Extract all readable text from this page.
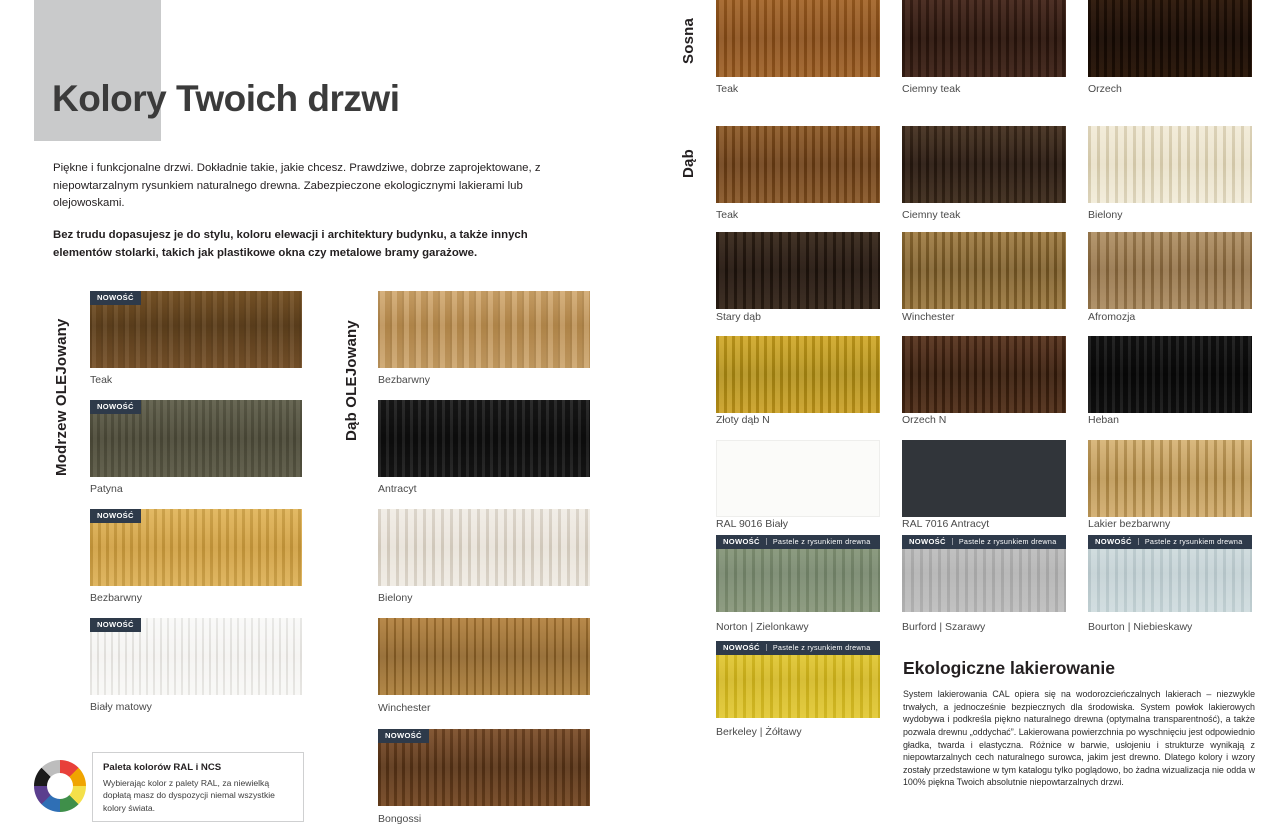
Kolory Twoich drzwi
Piękne i funkcjonalne drzwi. Dokładnie takie, jakie chcesz. Prawdziwe, dobrze zaprojektowane, z niepowtarzalnym rysunkiem naturalnego drewna. Zabezpieczone ekologicznymi lakierami lub olejowoskami.
Bez trudu dopasujesz je do stylu, koloru elewacji i architektury budynku, a także innych elementów stolarki, takich jak plastikowe okna czy metalowe bramy garażowe.
Modrzew OLEJowany	Dąb OLEJowany
Sosna
Dąb
NOWOŚĆ
Teak
NOWOŚĆ
Patyna
NOWOŚĆ
Bezbarwny
NOWOŚĆ
Biały matowy
Paleta kolorów RAL i NCS
Wybierając kolor z palety RAL, za niewielką dopłatą masz do dyspozycji niemal wszystkie kolory świata.
Bezbarwny
Antracyt
Bielony
Winchester
NOWOŚĆ
Bongossi
Teak	Ciemny teak	Orzech
Teak	Ciemny teak	Bielony
Stary dąb	Winchester	Afromozja
Złoty dąb N	Orzech N	Heban
RAL 9016 Biały	RAL 7016 Antracyt	Lakier bezbarwny
NOWOŚĆ	Pastele z rysunkiem drewna
Norton | Zielonkawy
NOWOŚĆ	Pastele z rysunkiem drewna
Burford | Szarawy
NOWOŚĆ	Pastele z rysunkiem drewna
Bourton | Niebieskawy
NOWOŚĆ	Pastele z rysunkiem drewna
Berkeley | Żółtawy
Ekologiczne lakierowanie
System lakierowania CAL opiera się na wodorozcieńczalnych lakierach – niezwykle trwałych, a jednocześnie bezpiecznych dla środowiska. System powłok lakierowych wydobywa i podkreśla piękno naturalnego drewna (optymalna transparentność), a także pozwala drewnu „oddychać”. Lakierowana powierzchnia po wyschnięciu jest odpowiednio gładka, twarda i elastyczna. Różnice w barwie, usłojeniu i strukturze wynikają z niepowtarzalnych cech naturalnego surowca, jakim jest drewno. Dlatego kolory i wzory zostały przedstawione w tym katalogu tylko poglądowo, bo żadna wizualizacja nie odda w 100% piękna Twoich absolutnie niepowtarzalnych drzwi.
